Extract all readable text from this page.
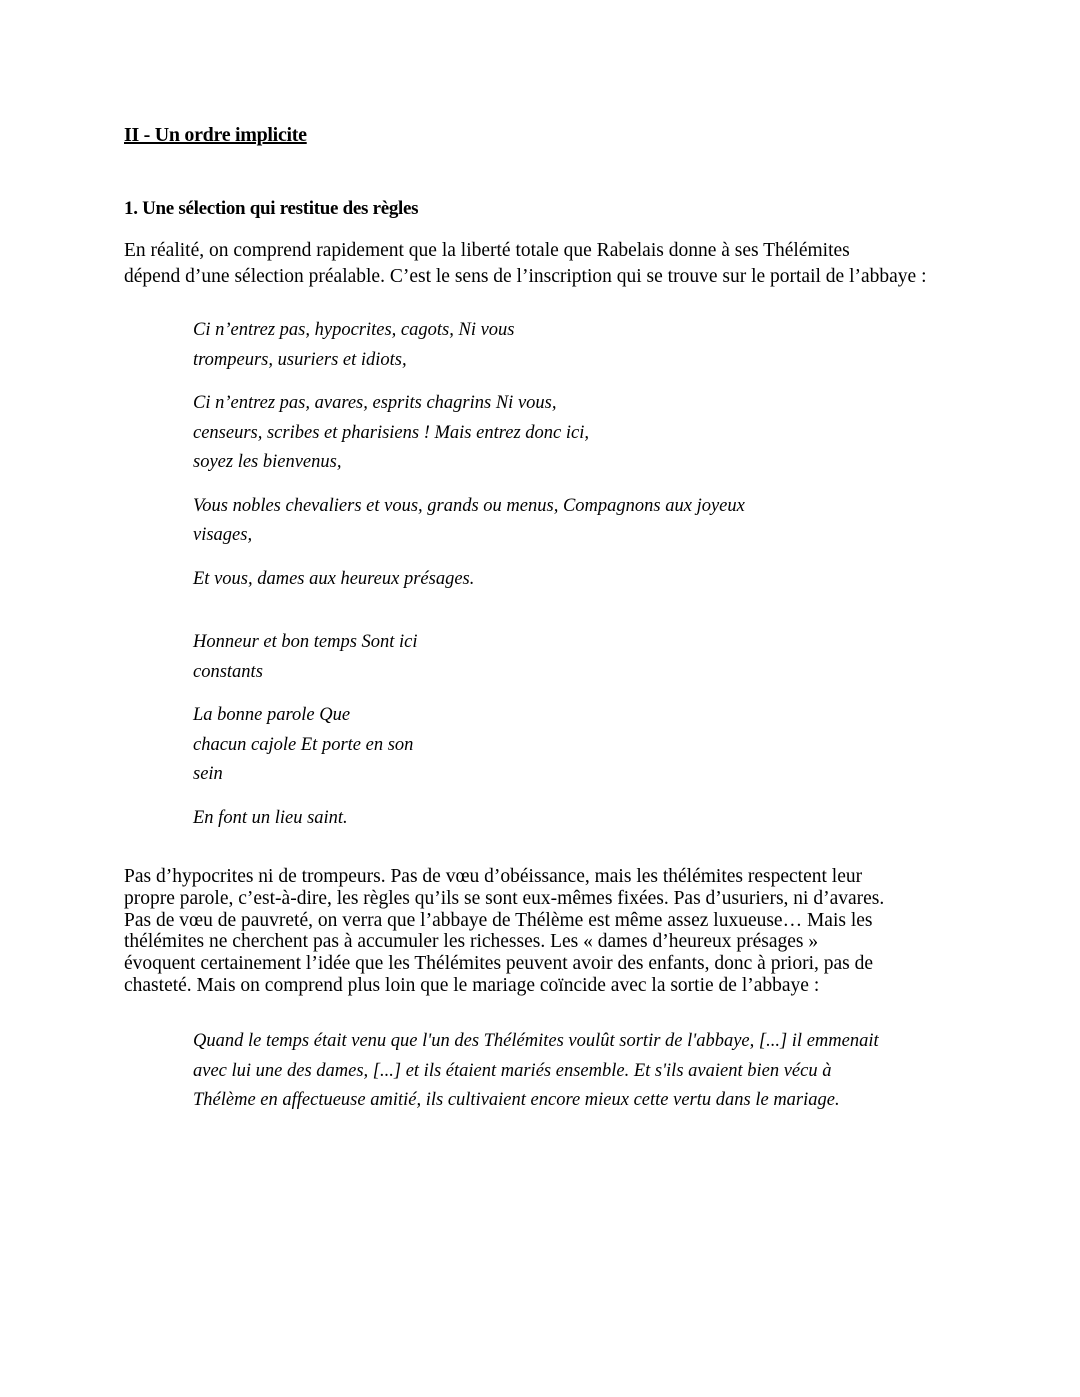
II - Un ordre implicite
1. Une sélection qui restitue des règles

En réalité, on comprend rapidement que la liberté totale que Rabelais donne à ses Thélémites
dépend d’une sélection préalable. C’est le sens de l’inscription qui se trouve sur le portail de l’abbaye :

Ci n’entrez pas, hypocrites, cagots, Ni vous
trompeurs, usuriers et idiots,

Ci n’entrez pas, avares, esprits chagrins Ni vous,
censeurs, scribes et pharisiens ! Mais entrez donc ici,
soyez les bienvenus,

Vous nobles chevaliers et vous, grands ou menus, Compagnons aux joyeux
visages,

Et vous, dames aux heureux présages.

Honneur et bon temps Sont ici
constants

La bonne parole Que
chacun cajole Et porte en son
sein

En font un lieu saint.

Pas d’hypocrites ni de trompeurs. Pas de vœu d’obéissance, mais les thélémites respectent leur
propre parole, c’est-à-dire, les règles qu’ils se sont eux-mêmes fixées. Pas d’usuriers, ni d’avares.
Pas de vœu de pauvreté, on verra que l’abbaye de Thélème est même assez luxueuse… Mais les
thélémites ne cherchent pas à accumuler les richesses. Les « dames d’heureux présages »
évoquent certainement l’idée que les Thélémites peuvent avoir des enfants, donc à priori, pas de
chasteté. Mais on comprend plus loin que le mariage coïncide avec la sortie de l’abbaye :

Quand le temps était venu que l'un des Thélémites voulût sortir de l'abbaye, [...] il emmenait
avec lui une des dames, [...] et ils étaient mariés ensemble. Et s'ils avaient bien vécu à
Thélème en affectueuse amitié, ils cultivaient encore mieux cette vertu dans le mariage.
